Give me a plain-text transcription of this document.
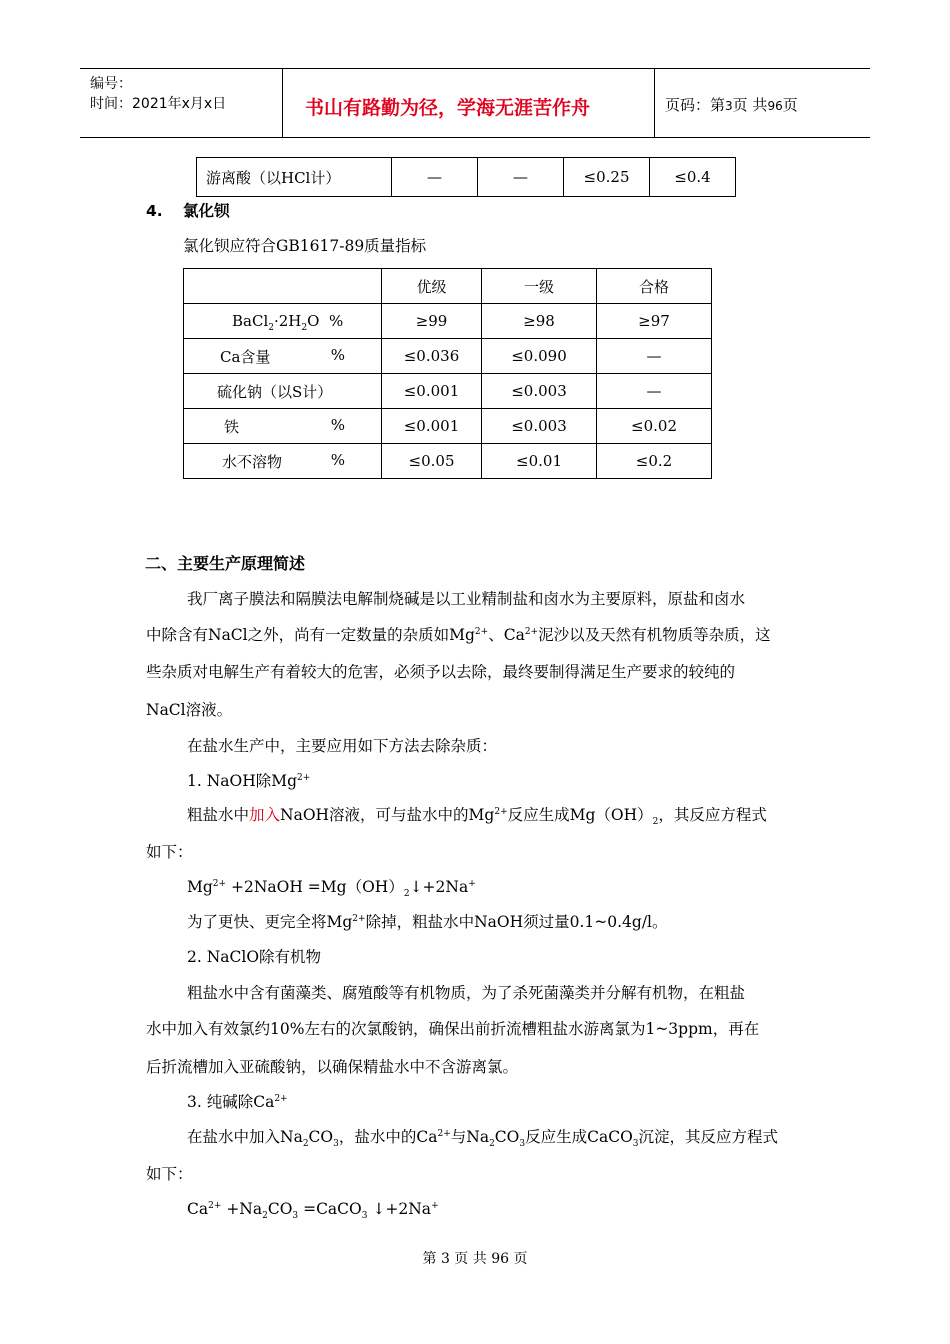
编号：
时间：2021年x月x日	书山有路勤为径，学海无涯苦作舟	页码：第3页 共96页
游离酸（以HCl计）	—	—	≤0.25	≤0.4
4. 氯化钡
氯化钡应符合GB1617-89质量指标
	优级	一级	合格
$BaCl_2\cdot 2H_2O$  %	≥99	≥98	≥97
Ca含量 %	≤0.036	≤0.090	—
硫化钠（以S计）	≤0.001	≤0.003	—
铁 %	≤0.001	≤0.003	≤0.02
水不溶物 %	≤0.05	≤0.01	≤0.2
二、主要生产原理简述
我厂离子膜法和隔膜法电解制烧碱是以工业精制盐和卤水为主要原料，原盐和卤水
中除含有NaCl之外，尚有一定数量的杂质如$Mg^{2+}$、$Ca^{2+}$泥沙以及天然有机物质等杂质，这
些杂质对电解生产有着较大的危害，必须予以去除，最终要制得满足生产要求的较纯的
NaCl溶液。
在盐水生产中，主要应用如下方法去除杂质：
1. NaOH除$Mg^{2+}$
粗盐水中加入NaOH溶液，可与盐水中的$Mg^{2+}$反应生成$Mg(OH)_2$，其反应方程式
如下：
$Mg^{2+}$ +2NaOH $=Mg(OH)_2↓+2Na^+$
为了更快、更完全将$Mg^{2+}$除掉，粗盐水中NaOH须过量0.1~0.4g/l。
2. NaClO除有机物
粗盐水中含有菌藻类、腐殖酸等有机物质，为了杀死菌藻类并分解有机物，在粗盐
水中加入有效氯约10%左右的次氯酸钠，确保出前折流槽粗盐水游离氯为1~3ppm，再在
后折流槽加入亚硫酸钠，以确保精盐水中不含游离氯。
3. 纯碱除$Ca^{2+}$
在盐水中加入$Na_2CO_3$，盐水中的$Ca^{2+}$与$Na_2CO_3$反应生成CaCO$_3$沉淀，其反应方程式
如下：
$Ca^{2+} +Na_2CO_3$ =CaCO$_3$ ↓+2Na+
第 3 页 共 96 页
